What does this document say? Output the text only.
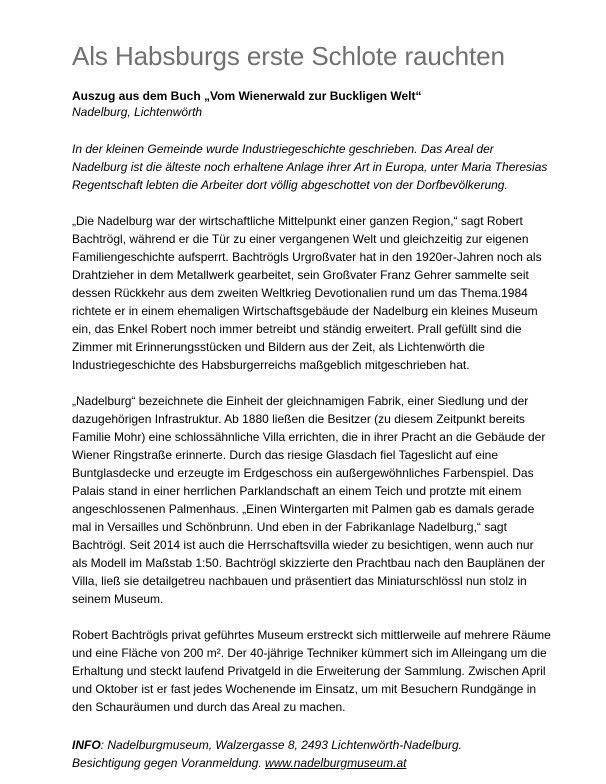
Als Habsburgs erste Schlote rauchten
Auszug aus dem Buch „Vom Wienerwald zur Buckligen Welt“
Nadelburg, Lichtenwörth
In der kleinen Gemeinde wurde Industriegeschichte geschrieben. Das Areal der Nadelburg ist die älteste noch erhaltene Anlage ihrer Art in Europa, unter Maria Theresias Regentschaft lebten die Arbeiter dort völlig abgeschottet von der Dorfbevölkerung.

„Die Nadelburg war der wirtschaftliche Mittelpunkt einer ganzen Region,“ sagt Robert Bachtrögl, während er die Tür zu einer vergangenen Welt und gleichzeitig zur eigenen Familiengeschichte aufsperrt. Bachtrögls Urgroßvater hat in den 1920er-Jahren noch als Drahtzieher in dem Metallwerk gearbeitet, sein Großvater Franz Gehrer sammelte seit dessen Rückkehr aus dem zweiten Weltkrieg Devotionalien rund um das Thema.1984 richtete er in einem ehemaligen Wirtschaftsgebäude der Nadelburg ein kleines Museum ein, das Enkel Robert noch immer betreibt und ständig erweitert. Prall gefüllt sind die Zimmer mit Erinnerungsstücken und Bildern aus der Zeit, als Lichtenwörth die Industriegeschichte des Habsburgerreichs maßgeblich mitgeschrieben hat.

„Nadelburg“ bezeichnete die Einheit der gleichnamigen Fabrik, einer Siedlung und der dazugehörigen Infrastruktur. Ab 1880 ließen die Besitzer (zu diesem Zeitpunkt bereits Familie Mohr) eine schlossähnliche Villa errichten, die in ihrer Pracht an die Gebäude der Wiener Ringstraße erinnerte. Durch das riesige Glasdach fiel Tageslicht auf eine Buntglasdecke und erzeugte im Erdgeschoss ein außergewöhnliches Farbenspiel. Das Palais stand in einer herrlichen Parklandschaft an einem Teich und protzte mit einem angeschlossenen Palmenhaus. „Einen Wintergarten mit Palmen gab es damals gerade mal in Versailles und Schönbrunn. Und eben in der Fabrikanlage Nadelburg,“ sagt Bachtrögl. Seit 2014 ist auch die Herrschaftsvilla wieder zu besichtigen, wenn auch nur als Modell im Maßstab 1:50. Bachtrögl skizzierte den Prachtbau nach den Bauplänen der Villa, ließ sie detailgetreu nachbauen und präsentiert das Miniaturschlössl nun stolz in seinem Museum.

Robert Bachtrögls privat geführtes Museum erstreckt sich mittlerweile auf mehrere Räume und eine Fläche von 200 m². Der 40-jährige Techniker kümmert sich im Alleingang um die Erhaltung und steckt laufend Privatgeld in die Erweiterung der Sammlung. Zwischen April und Oktober ist er fast jedes Wochenende im Einsatz, um mit Besuchern Rundgänge in den Schauräumen und durch das Areal zu machen.

INFO: Nadelburgmuseum, Walzergasse 8, 2493 Lichtenwörth-Nadelburg.
Besichtigung gegen Voranmeldung. www.nadelburgmuseum.at
